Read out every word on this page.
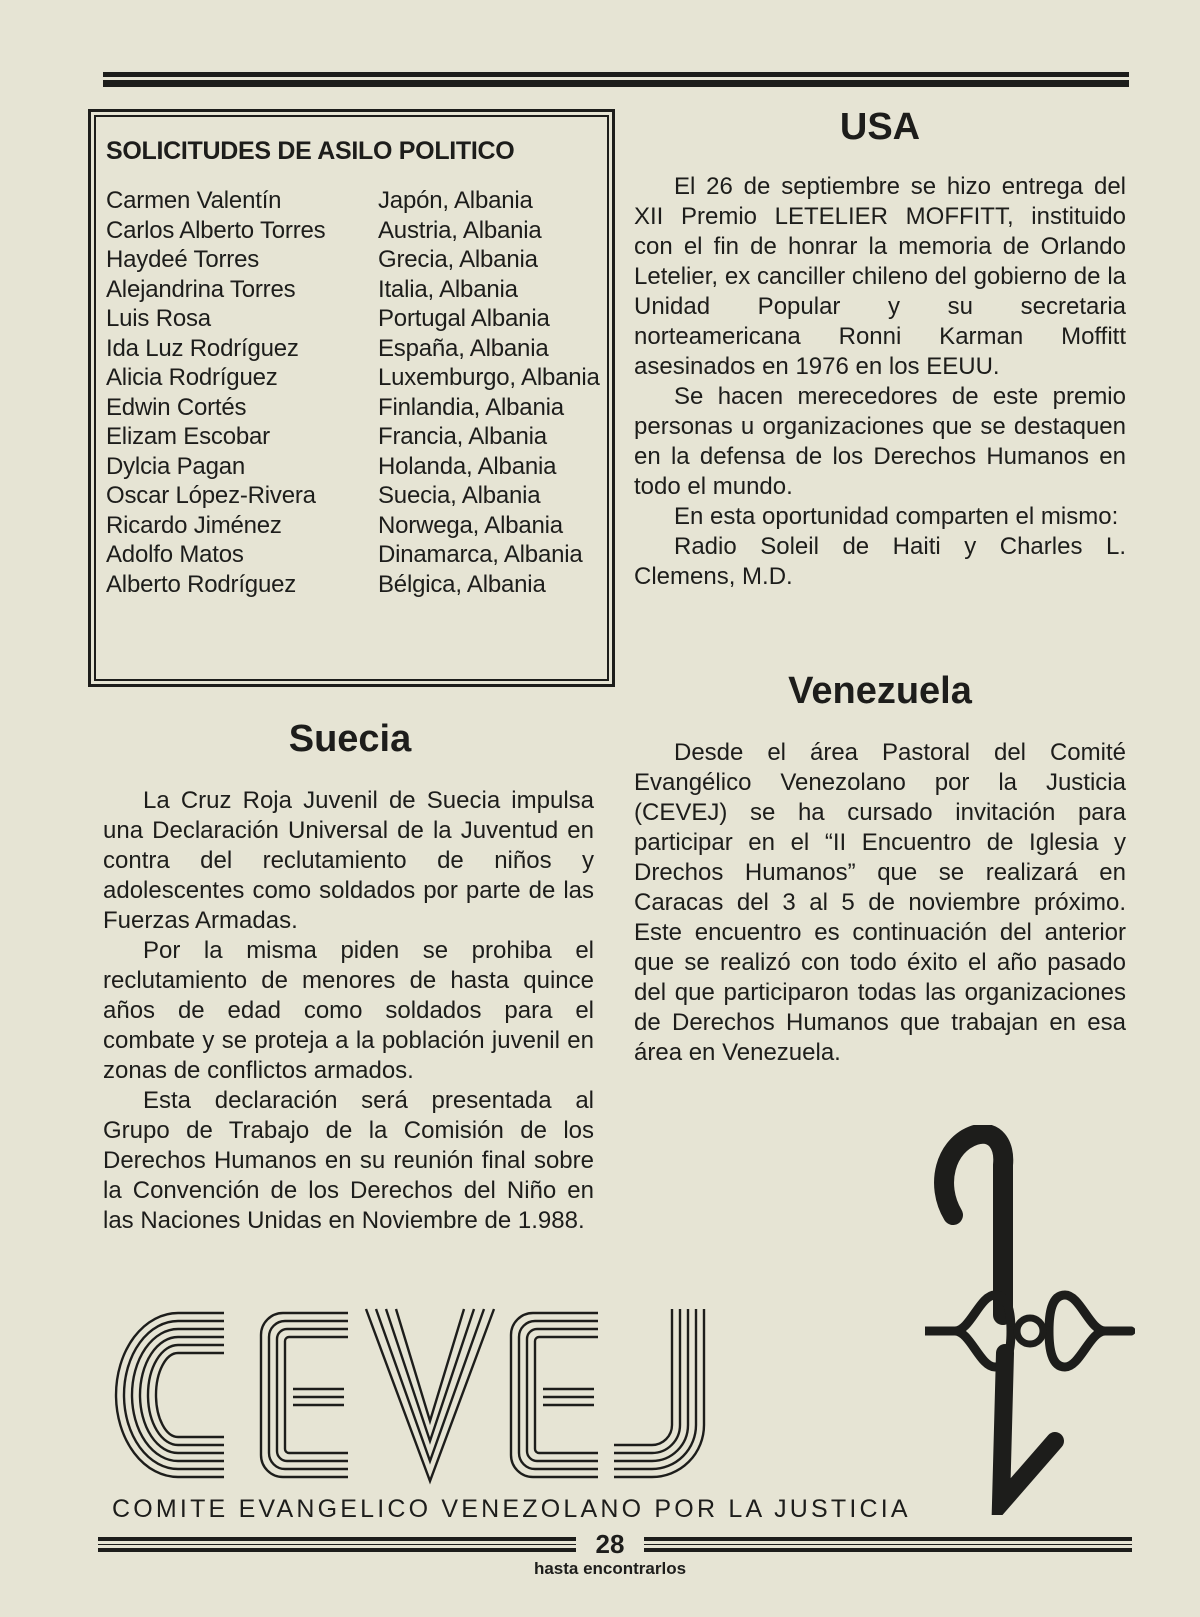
SOLICITUDES DE ASILO POLITICO
Carmen Valentín	Japón, Albania
Carlos Alberto Torres	Austria, Albania
Haydeé Torres	Grecia, Albania
Alejandrina Torres	Italia, Albania
Luis Rosa	Portugal Albania
Ida Luz Rodríguez	España, Albania
Alicia Rodríguez	Luxemburgo, Albania
Edwin Cortés	Finlandia, Albania
Elizam Escobar	Francia, Albania
Dylcia Pagan	Holanda, Albania
Oscar López-Rivera	Suecia, Albania
Ricardo Jiménez	Norwega, Albania
Adolfo Matos	Dinamarca, Albania
Alberto Rodríguez	Bélgica, Albania
Suecia

La Cruz Roja Juvenil de Suecia impulsa una Declaración Universal de la Juventud en contra del reclutamiento de niños y adolescentes como soldados por parte de las Fuerzas Armadas.

Por la misma piden se prohiba el reclutamiento de menores de hasta quince años de edad como soldados para el combate y se proteja a la población juvenil en zonas de conflictos armados.

Esta declaración será presentada al Grupo de Trabajo de la Comisión de los Derechos Humanos en su reunión final sobre la Convención de los Derechos del Niño en las Naciones Unidas en Noviembre de 1.988.

USA

El 26 de septiembre se hizo entrega del XII Premio LETELIER MOFFITT, instituido con el fin de honrar la memoria de Orlando Letelier, ex canciller chileno del gobierno de la Unidad Popular y su secretaria norteamericana Ronni Karman Moffitt asesinados en 1976 en los EEUU.

Se hacen merecedores de este premio personas u organizaciones que se destaquen en la defensa de los Derechos Humanos en todo el mundo.

En esta oportunidad comparten el mismo:

Radio Soleil de Haiti y Charles L. Clemens, M.D.

Venezuela

Desde el área Pastoral del Comité Evangélico Venezolano por la Justicia (CEVEJ) se ha cursado invitación para participar en el “II Encuentro de Iglesia y Drechos Humanos” que se realizará en Caracas del 3 al 5 de noviembre próximo. Este encuentro es continuación del anterior que se realizó con todo éxito el año pasado del que participaron todas las organizaciones de Derechos Humanos que trabajan en esa área en Venezuela.

COMITE EVANGELICO VENEZOLANO POR LA JUSTICIA
28
hasta encontrarlos
